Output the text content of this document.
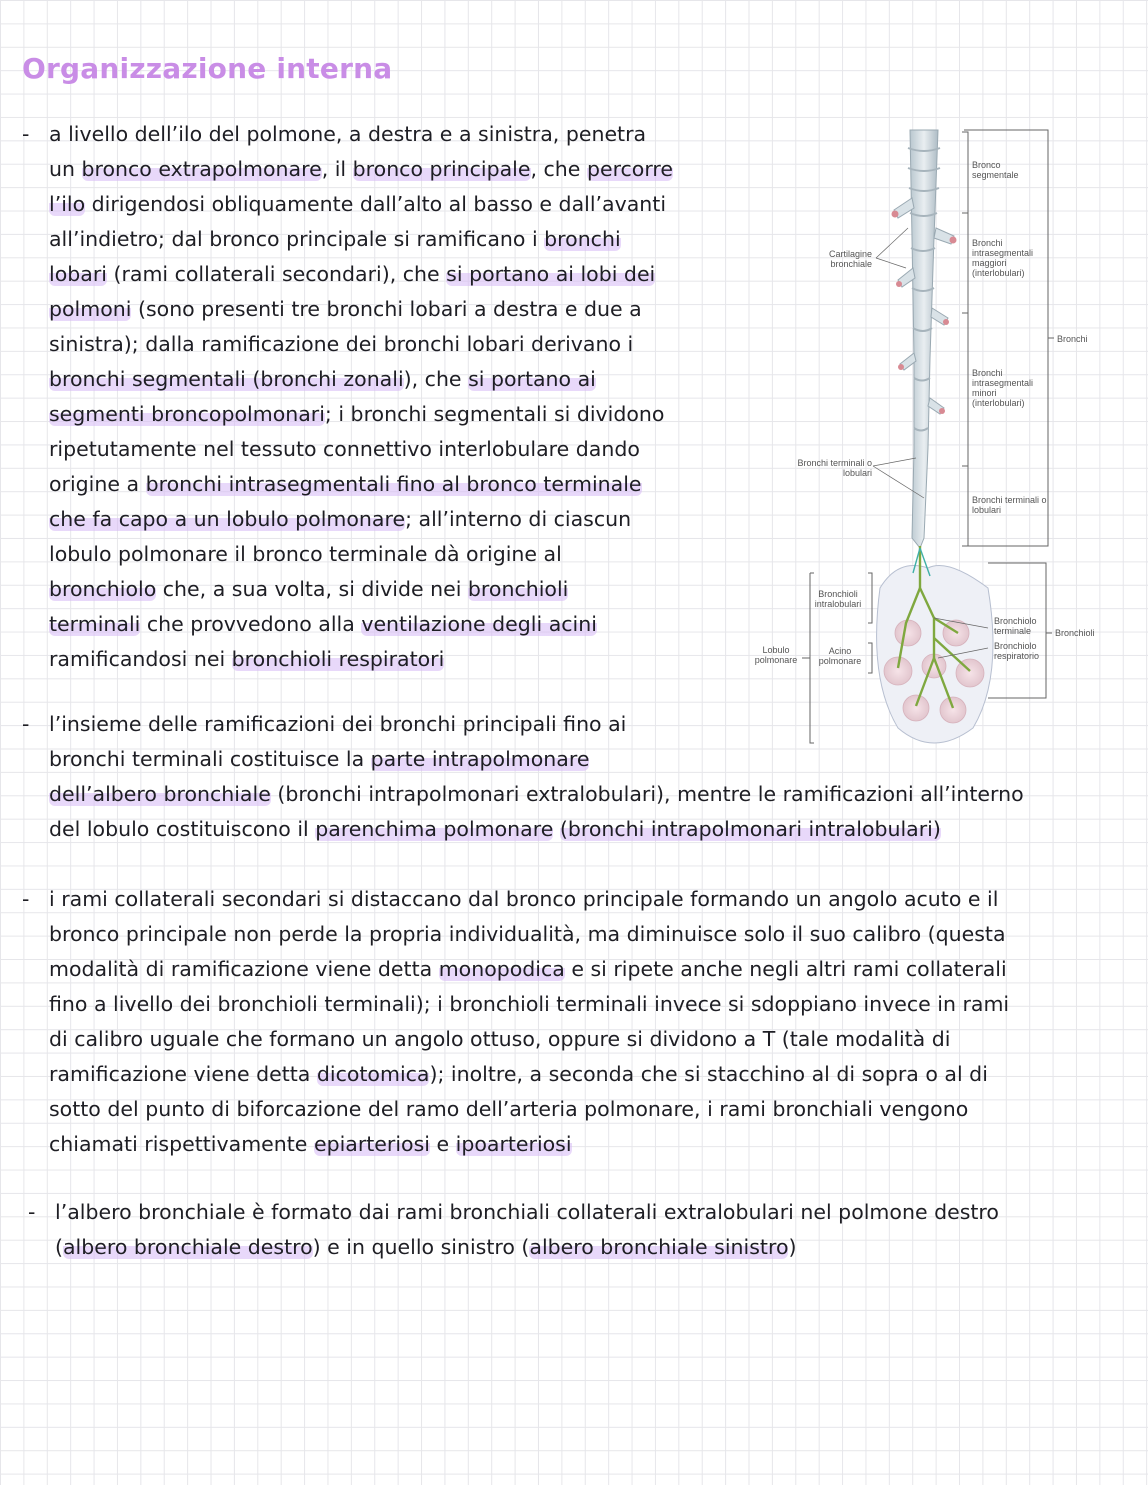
Organizzazione interna
- a livello dell’ilo del polmone, a destra e a sinistra, penetra
un bronco extrapolmonare, il bronco principale, che percorre
l’ilo dirigendosi obliquamente dall’alto al basso e dall’avanti
all’indietro; dal bronco principale si ramificano i bronchi
lobari (rami collaterali secondari), che si portano ai lobi dei
polmoni (sono presenti tre bronchi lobari a destra e due a
sinistra); dalla ramificazione dei bronchi lobari derivano i
bronchi segmentali (bronchi zonali), che si portano ai
segmenti broncopolmonari; i bronchi segmentali si dividono
ripetutamente nel tessuto connettivo interlobulare dando
origine a bronchi intrasegmentali fino al bronco terminale
che fa capo a un lobulo polmonare; all’interno di ciascun
lobulo polmonare il bronco terminale dà origine al
bronchiolo che, a sua volta, si divide nei bronchioli
terminali che provvedono alla ventilazione degli acini
ramificandosi nei bronchioli respiratori
- l’insieme delle ramificazioni dei bronchi principali fino ai
bronchi terminali costituisce la parte intrapolmonare
dell’albero bronchiale (bronchi intrapolmonari extralobulari), mentre le ramificazioni all’interno
del lobulo costituiscono il parenchima polmonare (bronchi intrapolmonari intralobulari)
- i rami collaterali secondari si distaccano dal bronco principale formando un angolo acuto e il
bronco principale non perde la propria individualità, ma diminuisce solo il suo calibro (questa
modalità di ramificazione viene detta monopodica e si ripete anche negli altri rami collaterali
fino a livello dei bronchioli terminali); i bronchioli terminali invece si sdoppiano invece in rami
di calibro uguale che formano un angolo ottuso, oppure si dividono a T (tale modalità di
ramificazione viene detta dicotomica); inoltre, a seconda che si stacchino al di sopra o al di
sotto del punto di biforcazione del ramo dell’arteria polmonare, i rami bronchiali vengono
chiamati rispettivamente epiarteriosi e ipoarteriosi
- l’albero bronchiale è formato dai rami bronchiali collaterali extralobulari nel polmone destro
(albero bronchiale destro) e in quello sinistro (albero bronchiale sinistro)
Bronco segmentale
Bronchi intrasegmentali maggiori (interlobulari)
Bronchi
Cartilagine bronchiale
Bronchi intrasegmentali minori (interlobulari)
Bronchi terminali o lobulari
Bronchi terminali o lobulari
Bronchioli intralobulari
Bronchiolo terminale	Bronchioli
Bronchiolo respiratorio
Lobulo polmonare
Acino polmonare
